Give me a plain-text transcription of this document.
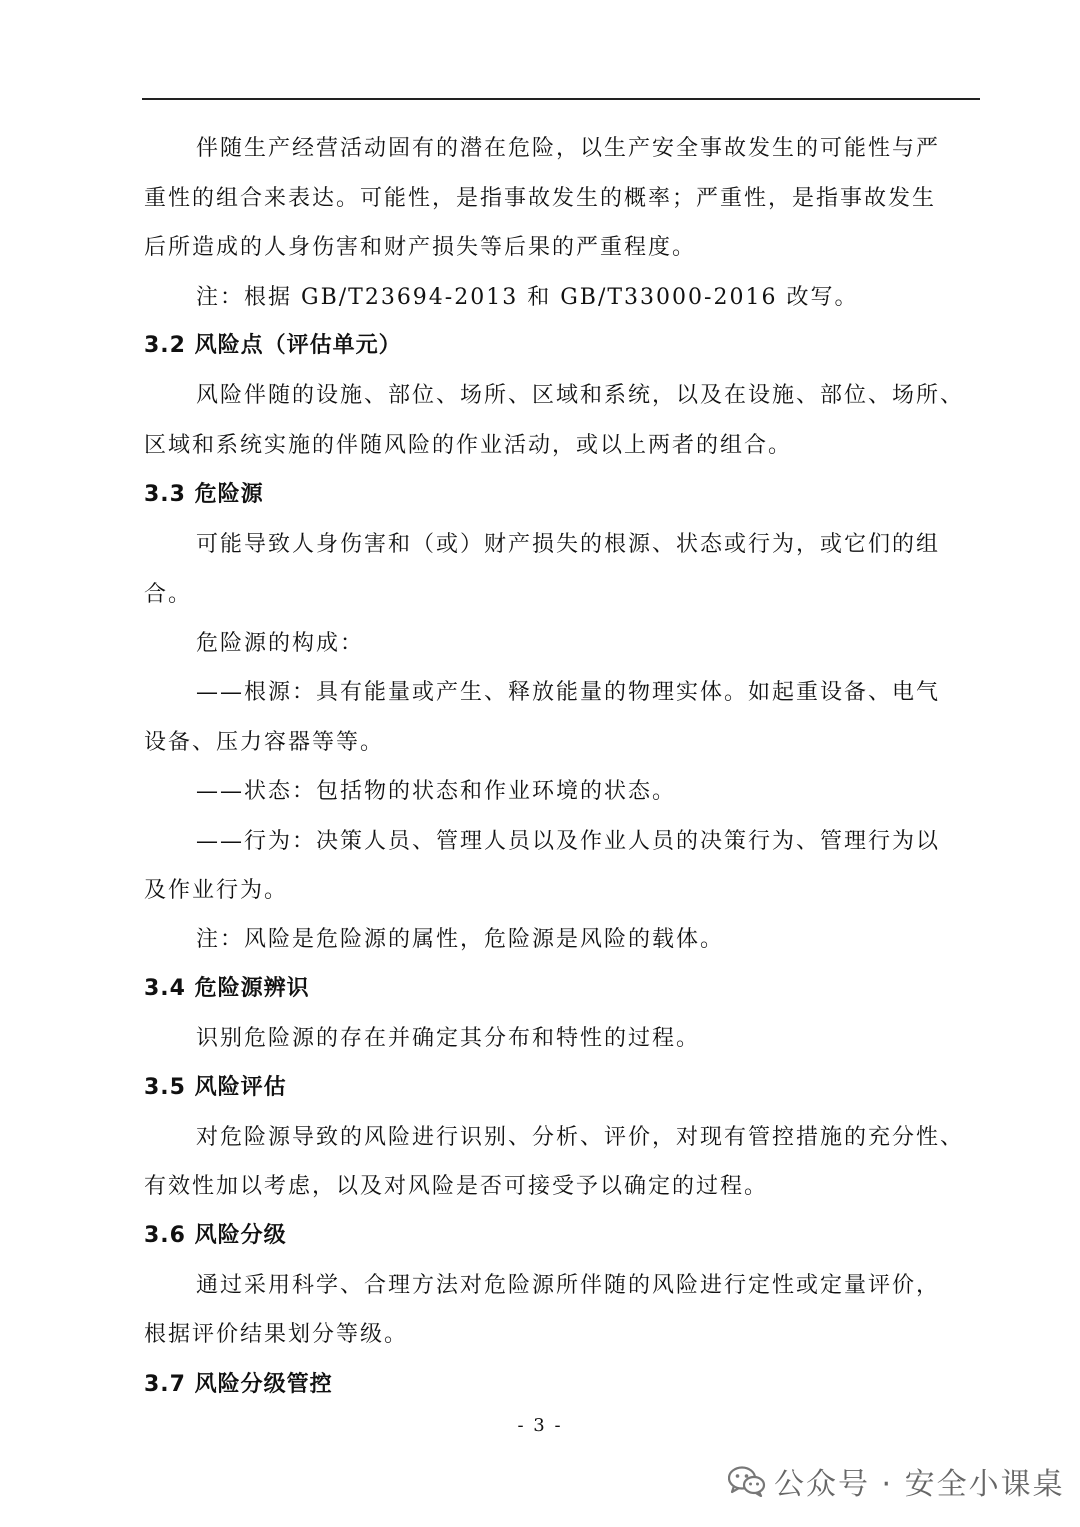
伴随生产经营活动固有的潜在危险，以生产安全事故发生的可能性与严
重性的组合来表达。可能性，是指事故发生的概率；严重性，是指事故发生
后所造成的人身伤害和财产损失等后果的严重程度。
注：根据 GB/T23694-2013 和 GB/T33000-2016 改写。
3.2 风险点（评估单元）
风险伴随的设施、部位、场所、区域和系统，以及在设施、部位、场所、
区域和系统实施的伴随风险的作业活动，或以上两者的组合。
3.3 危险源
可能导致人身伤害和（或）财产损失的根源、状态或行为，或它们的组
合。
危险源的构成：
——根源：具有能量或产生、释放能量的物理实体。如起重设备、电气
设备、压力容器等等。
——状态：包括物的状态和作业环境的状态。
——行为：决策人员、管理人员以及作业人员的决策行为、管理行为以
及作业行为。
注：风险是危险源的属性，危险源是风险的载体。
3.4 危险源辨识
识别危险源的存在并确定其分布和特性的过程。
3.5 风险评估
对危险源导致的风险进行识别、分析、评价，对现有管控措施的充分性、
有效性加以考虑，以及对风险是否可接受予以确定的过程。
3.6 风险分级
通过采用科学、合理方法对危险源所伴随的风险进行定性或定量评价，
根据评价结果划分等级。
3.7 风险分级管控
- 3 -
公众号 · 安全小课桌
